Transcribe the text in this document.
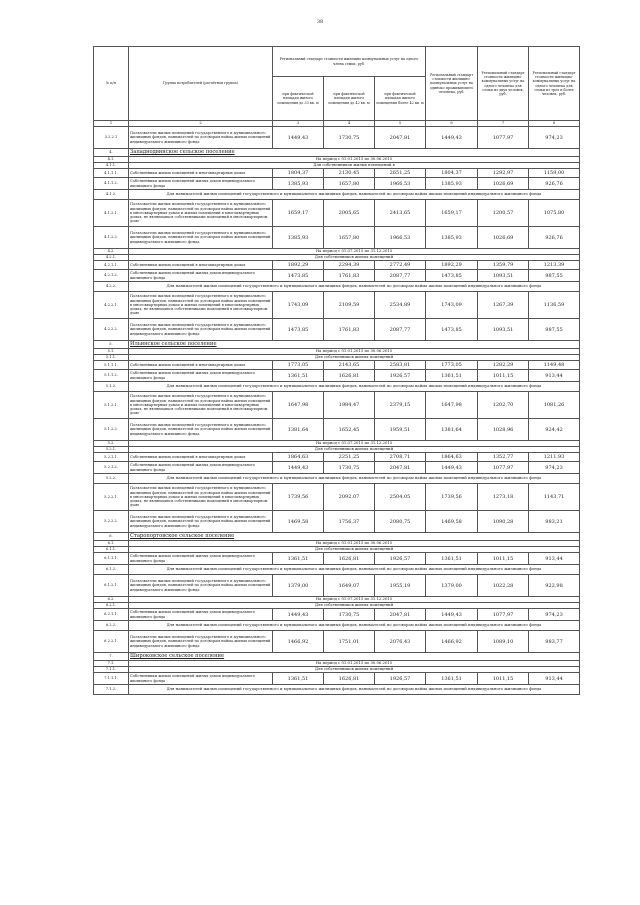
38
№ п/п	Группа потребителей (расчётная группа)	Региональный стандарт стоимости жилищно-коммунальных услуг на одного члена семьи, руб.			Региональный стандарт стоимости жилищно-коммунальных услуг на одиноко проживающего человека, руб.	Региональный стандарт стоимости жилищно-коммунальных услуг на одного человека для семьи из двух человек, руб.	Региональный стандарт стоимости жилищно-коммунальных услуг на одного человека для семьи из трех и более человек, руб.
		при фактической площади жилого помещения до 33 кв. м	при фактической площади жилого помещения до 42 кв. м	при фактической площади жилого помещения более 42 кв. м			
1	2	3	4	5	6	7	8
3.2.2.1	Пользователи жилых помещений государственного и муниципального жилищных фондов, нанимателей по договорам найма жилых помещений индивидуального жилищного фонда	1449,43	1730,75	2047,81	1449,43	1077,97	974,23
4.	Западнодвинское сельское поселение						
4.1.	На период с 01.01.2015 по 30.06.2015						
4.1.1.	Для собственников жилых помещений в						
4.1.1.1.	Собственники жилых помещений в многоквартирных домах	1804,37	2130,45	2651,25	1804,37	1292,97	1159,00
4.1.1.2.	Собственники жилых помещений жилых домов индивидуального жилищного фонда	1385,93	1657,80	1966,53	1385,93	1026,69	926,76
4.1.2.	Для нанимателей жилых помещений государственного и муниципального жилищных фондов, нанимателей по договорам найма жилых помещений индивидуального жилищного фонда						
4.1.2.1.	Пользователи жилых помещений государственного и муниципального жилищных фондов, нанимателей по договорам найма жилых помещений в многоквартирных домах и жилых помещений в многоквартирных домах, не являющихся собственниками помещений в многоквартирном доме	1659,17	2005,65	2413,65	1659,17	1200,57	1075,80
4.1.2.2.	Пользователи жилых помещений государственного и муниципального жилищных фондов, нанимателей по договорам найма жилых помещений индивидуального жилищного фонда	1385,93	1657,80	1966,53	1385,93	1026,69	926,76
4.2.	На период с 01.07.2015 по 31.12.2015						
4.2.1.	Для собственников жилых помещений						
4.2.1.1.	Собственники жилых помещений в многоквартирных домах	1892,29	2294,39	2772,49	1892,29	1359,79	1213,39
4.2.1.2.	Собственники жилых помещений жилых домов индивидуального жилищного фонда	1473,85	1761,83	2087,77	1473,85	1093,51	987,55
4.2.2.	Для нанимателей жилых помещений государственного и муниципального жилищных фондов, нанимателей по договорам найма жилых помещений индивидуального жилищного фонда						
4.2.2.1.	Пользователи жилых помещений государственного и муниципального жилищных фондов, нанимателей по договорам найма жилых помещений в многоквартирных домах и жилых помещений в многоквартирных домах, не являющихся собственниками помещений в многоквартирном доме	1743,09	2109,59	2534,89	1743,09	1267,39	1136,59
4.2.2.2.	Пользователи жилых помещений государственного и муниципального жилищных фондов, нанимателей по договорам найма жилых помещений индивидуального жилищного фонда	1473,85	1761,83	2087,77	1473,85	1093,51	987,55
5.	Ильинское сельское поселение						
5.1.	На период с 01.01.2015 по 30.06.2015						
5.1.1.	Для собственников жилых помещений						
5.1.1.1.	Собственники жилых помещений в многоквартирных домах	1773,05	2143,65	2583,81	1773,05	1282,29	1149,48
5.1.1.2.	Собственники жилых помещений жилых домов индивидуального жилищного фонда	1361,51	1626,81	1926,57	1361,51	1011,15	913,44
5.1.2.	Для нанимателей жилых помещений государственного и муниципального жилищных фондов, нанимателей по договорам найма жилых помещений индивидуального жилищного фонда						
5.1.2.1.	Пользователи жилых помещений государственного и муниципального жилищных фондов, нанимателей по договорам найма жилых помещений в многоквартирных домах и жилых помещений в многоквартирных домах, не являющихся собственниками помещений в многоквартирном доме	1647,98	1984,47	2379,15	1647,98	1202,70	1081,26
5.1.2.2.	Пользователи жилых помещений государственного и муниципального жилищных фондов, нанимателей по договорам найма жилых помещений индивидуального жилищного фонда	1381,64	1652,45	1959,51	1381,64	1028,96	924,42
5.2.	На период с 01.07.2015 по 31.12.2015						
5.2.1.	Для собственников жилых помещений						
5.2.1.1.	Собственники жилых помещений в многоквартирных домах	1864,63	2251,25	2708,71	1864,63	1352,77	1211,93
5.2.1.2.	Собственники жилых помещений жилых домов индивидуального жилищного фонда	1449,43	1730,75	2047,81	1449,43	1077,97	974,23
5.2.2.	Для нанимателей жилых помещений государственного и муниципального жилищных фондов, нанимателей по договорам найма жилых помещений индивидуального жилищного фонда						
5.2.2.1.	Пользователи жилых помещений государственного и муниципального жилищных фондов, нанимателей по договорам найма жилых помещений в многоквартирных домах и жилых помещений в многоквартирных домах, не являющихся собственниками помещений в многоквартирном доме	1739,56	2092,07	2504,05	1739,56	1273,18	1143,71
5.2.2.2.	Пользователи жилых помещений государственного и муниципального жилищных фондов, нанимателей по договорам найма жилых помещений индивидуального жилищного фонда	1469,58	1756,37	2080,75	1469,58	1090,28	983,21
6.	Старопортовское сельское поселение						
6.1.	На период с 01.01.2015 по 30.06.2015						
6.1.1.	Для собственников жилых помещений						
6.1.1.1.	Собственники жилых помещений жилых домов индивидуального жилищного фонда	1361,51	1626,81	1926,57	1361,51	1011,15	913,44
6.1.2.	Для нанимателей жилых помещений государственного и муниципального жилищных фондов, нанимателей по договорам найма жилых помещений индивидуального жилищного фонда						
6.1.2.1.	Пользователи жилых помещений государственного и муниципального жилищных фондов, нанимателей по договорам найма жилых помещений индивидуального жилищного фонда	1379,00	1649,07	1955,19	1379,00	1022,28	922,98
6.2.	На период с 01.07.2015 по 31.12.2015						
6.2.1.	Для собственников жилых помещений						
6.2.1.1.	Собственники жилых помещений жилых домов индивидуального жилищного фонда	1449,43	1730,75	2047,81	1449,43	1077,97	974,23
6.2.2.	Для нанимателей жилых помещений государственного и муниципального жилищных фондов, нанимателей по договорам найма жилых помещений индивидуального жилищного фонда						
6.2.2.1.	Пользователи жилых помещений государственного и муниципального жилищных фондов, нанимателей по договорам найма жилых помещений индивидуального жилищного фонда	1466,92	1751,01	2076,43	1466,92	1089,10	983,77
7.	Широковское сельское поселение						
7.1.	На период с 01.01.2015 по 30.06.2015						
7.1.1.	Для собственников жилых помещений						
7.1.1.1.	Собственники жилых помещений жилых домов индивидуального жилищного фонда	1361,51	1626,81	1926,57	1361,51	1011,15	913,44
7.1.2.	Для нанимателей жилых помещений государственного и муниципального жилищных фондов, нанимателей по договорам найма жилых помещений индивидуального жилищного фонда						
